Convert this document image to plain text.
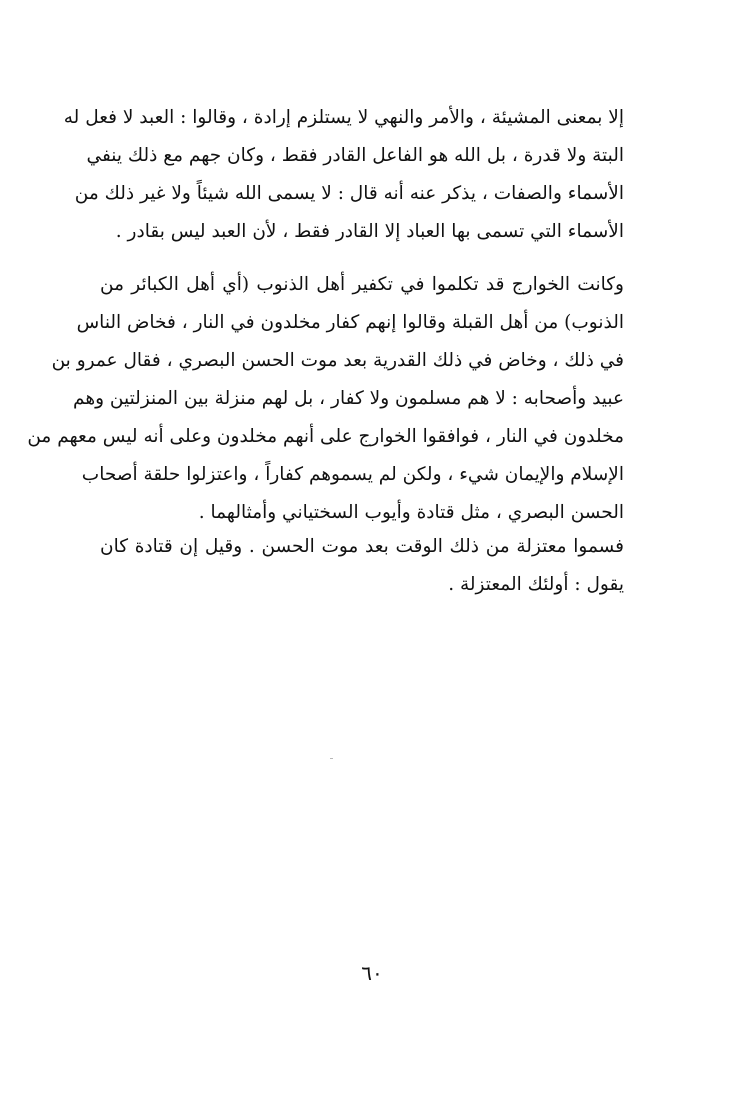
إلا بمعنى المشيئة ، والأمر والنهي لا يستلزم إرادة ، وقالوا : العبد لا فعل له
البتة ولا قدرة ، بل الله هو الفاعل القادر فقط ، وكان جهم مع ذلك ينفي
الأسماء والصفات ، يذكر عنه أنه قال : لا يسمى الله شيئاً ولا غير ذلك من
الأسماء التي تسمى بها العباد إلا القادر فقط ، لأن العبد ليس بقادر .
وكانت الخوارج قد تكلموا في تكفير أهل الذنوب (أي أهل الكبائر من
الذنوب) من أهل القبلة وقالوا إنهم كفار مخلدون في النار ، فخاض الناس
في ذلك ، وخاض في ذلك القدرية بعد موت الحسن البصري ، فقال عمرو بن
عبيد وأصحابه : لا هم مسلمون ولا كفار ، بل لهم منزلة بين المنزلتين وهم
مخلدون في النار ، فوافقوا الخوارج على أنهم مخلدون وعلى أنه ليس معهم من
الإسلام والإيمان شيء ، ولكن لم يسموهم كفاراً ، واعتزلوا حلقة أصحاب
الحسن البصري ، مثل قتادة وأيوب السختياني وأمثالهما .
فسموا معتزلة من ذلك الوقت بعد موت الحسن . وقيل إن قتادة كان
يقول : أولئك المعتزلة .
٦٠
